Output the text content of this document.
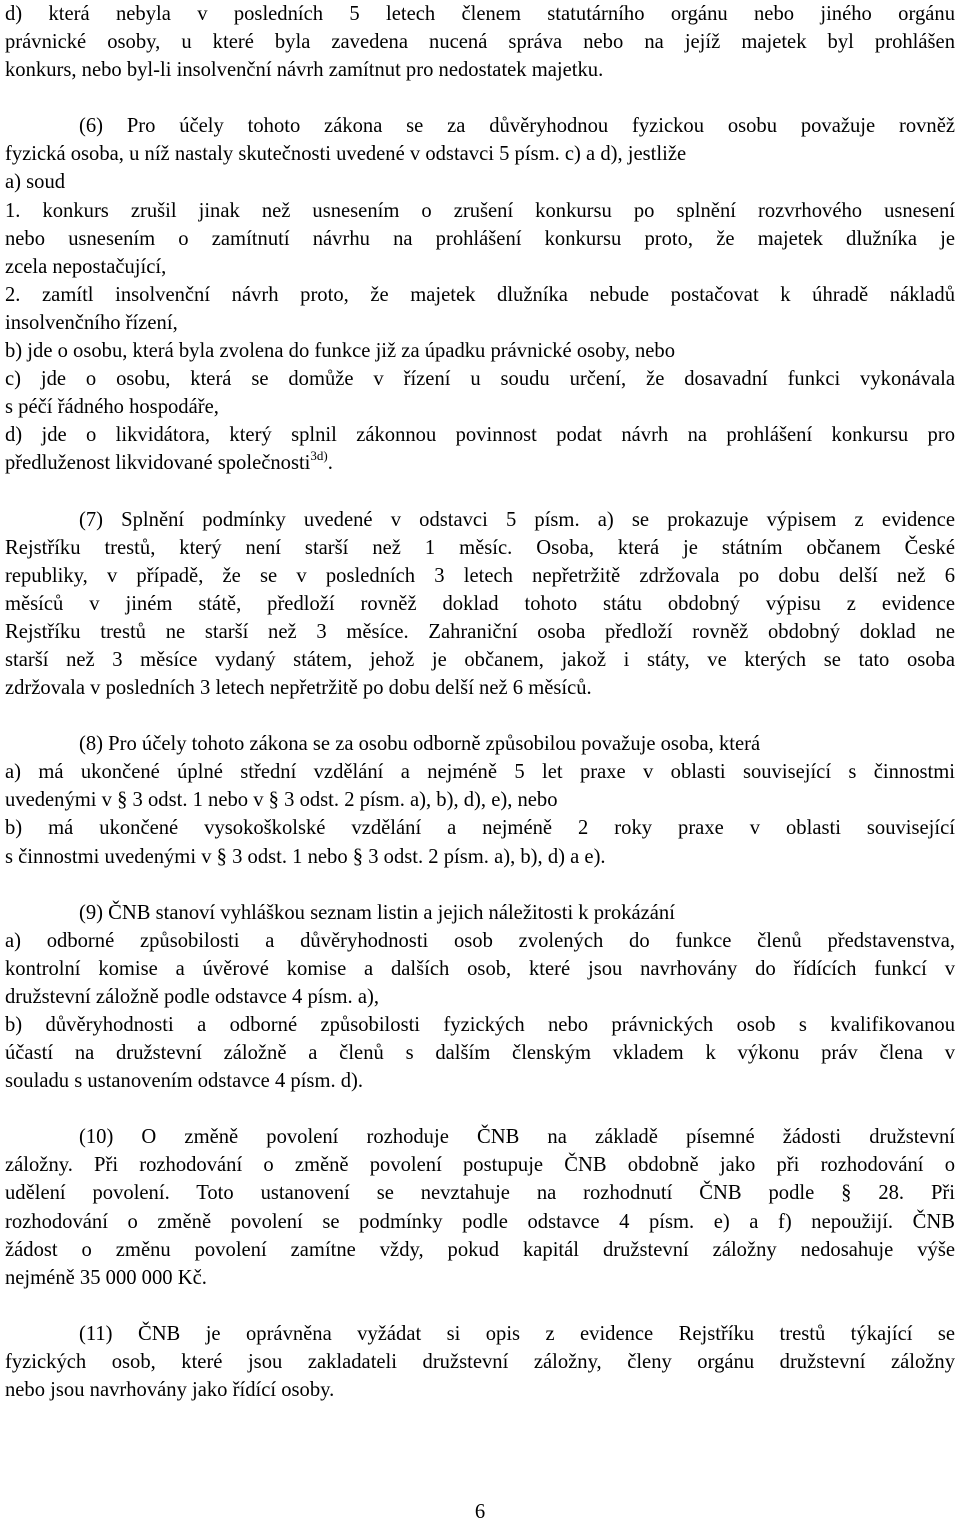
d) která nebyla v posledních 5 letech členem statutárního orgánu nebo jiného orgánu
právnické osoby, u které byla zavedena nucená správa nebo na jejíž majetek byl prohlášen
konkurs, nebo byl-li insolvenční návrh zamítnut pro nedostatek majetku.
(6) Pro účely tohoto zákona se za důvěryhodnou fyzickou osobu považuje rovněž
fyzická osoba, u níž nastaly skutečnosti uvedené v odstavci 5 písm. c) a d), jestliže
a) soud
1. konkurs zrušil jinak než usnesením o zrušení konkursu po splnění rozvrhového usnesení
nebo usnesením o zamítnutí návrhu na prohlášení konkursu proto, že majetek dlužníka je
zcela nepostačující,
2. zamítl insolvenční návrh proto, že majetek dlužníka nebude postačovat k úhradě nákladů
insolvenčního řízení,
b) jde o osobu, která byla zvolena do funkce již za úpadku právnické osoby, nebo
c) jde o osobu, která se domůže v řízení u soudu určení, že dosavadní funkci vykonávala
s péčí řádného hospodáře,
d) jde o likvidátora, který splnil zákonnou povinnost podat návrh na prohlášení konkursu pro
předluženost likvidované společnosti$^{3d)}$.
(7) Splnění podmínky uvedené v odstavci 5 písm. a) se prokazuje výpisem z evidence
Rejstříku trestů, který není starší než 1 měsíc. Osoba, která je státním občanem České
republiky, v případě, že se v posledních 3 letech nepřetržitě zdržovala po dobu delší než 6
měsíců v jiném státě, předloží rovněž doklad tohoto státu obdobný výpisu z evidence
Rejstříku trestů ne starší než 3 měsíce. Zahraniční osoba předloží rovněž obdobný doklad ne
starší než 3 měsíce vydaný státem, jehož je občanem, jakož i státy, ve kterých se tato osoba
zdržovala v posledních 3 letech nepřetržitě po dobu delší než 6 měsíců.
(8) Pro účely tohoto zákona se za osobu odborně způsobilou považuje osoba, která
a) má ukončené úplné střední vzdělání a nejméně 5 let praxe v oblasti související s činnostmi
uvedenými v § 3 odst. 1 nebo v § 3 odst. 2 písm. a), b), d), e), nebo
b) má ukončené vysokoškolské vzdělání a nejméně 2 roky praxe v oblasti související
s činnostmi uvedenými v § 3 odst. 1 nebo § 3 odst. 2 písm. a), b), d) a e).
(9) ČNB stanoví vyhláškou seznam listin a jejich náležitosti k prokázání
a) odborné způsobilosti a důvěryhodnosti osob zvolených do funkce členů představenstva,
kontrolní komise a úvěrové komise a dalších osob, které jsou navrhovány do řídících funkcí v
družstevní záložně podle odstavce 4 písm. a),
b) důvěryhodnosti a odborné způsobilosti fyzických nebo právnických osob s kvalifikovanou
účastí na družstevní záložně a členů s dalším členským vkladem k výkonu práv člena v
souladu s ustanovením odstavce 4 písm. d).
(10) O změně povolení rozhoduje ČNB na základě písemné žádosti družstevní
záložny. Při rozhodování o změně povolení postupuje ČNB obdobně jako při rozhodování o
udělení povolení. Toto ustanovení se nevztahuje na rozhodnutí ČNB podle § 28. Při
rozhodování o změně povolení se podmínky podle odstavce 4 písm. e) a f) nepoužijí. ČNB
žádost o změnu povolení zamítne vždy, pokud kapitál družstevní záložny nedosahuje výše
nejméně 35 000 000 Kč.
(11) ČNB je oprávněna vyžádat si opis z evidence Rejstříku trestů týkající se
fyzických osob, které jsou zakladateli družstevní záložny, členy orgánu družstevní záložny
nebo jsou navrhovány jako řídící osoby.
6
